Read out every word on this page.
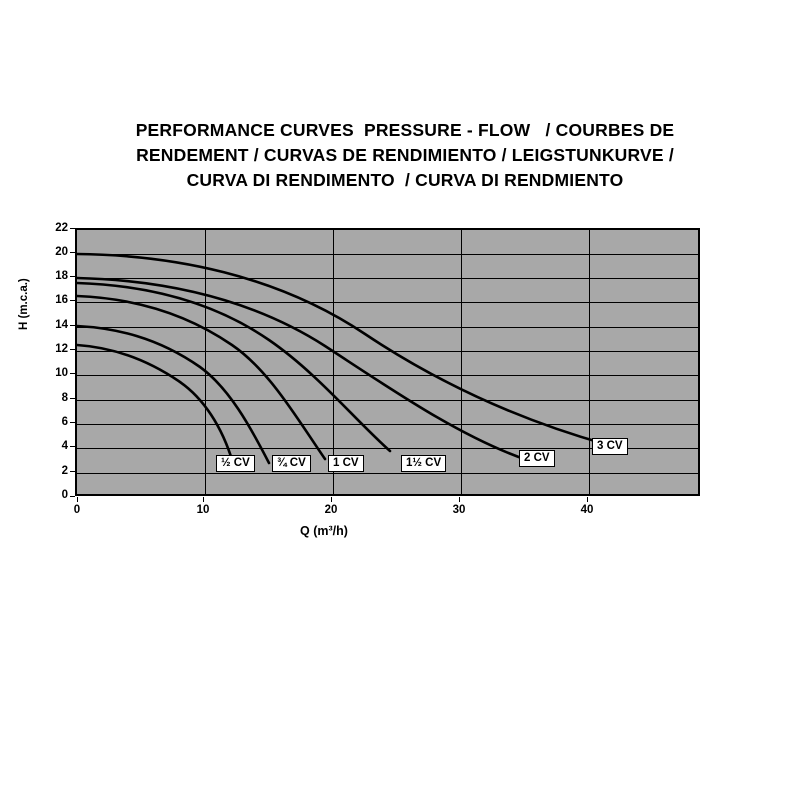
PERFORMANCE CURVES  PRESSURE - FLOW   / COURBES DE
RENDEMENT / CURVAS DE RENDIMIENTO / LEIGSTUNKURVE /
CURVA DI RENDIMENTO  / CURVA DI RENDMIENTO
H (m.c.a.)
22
20
18
16
14
12
10
8
6
4
2
0
½ CV	¾ CV	1 CV	1½ CV	2 CV
3 CV
0	10	20	30	40
Q (m³/h)
